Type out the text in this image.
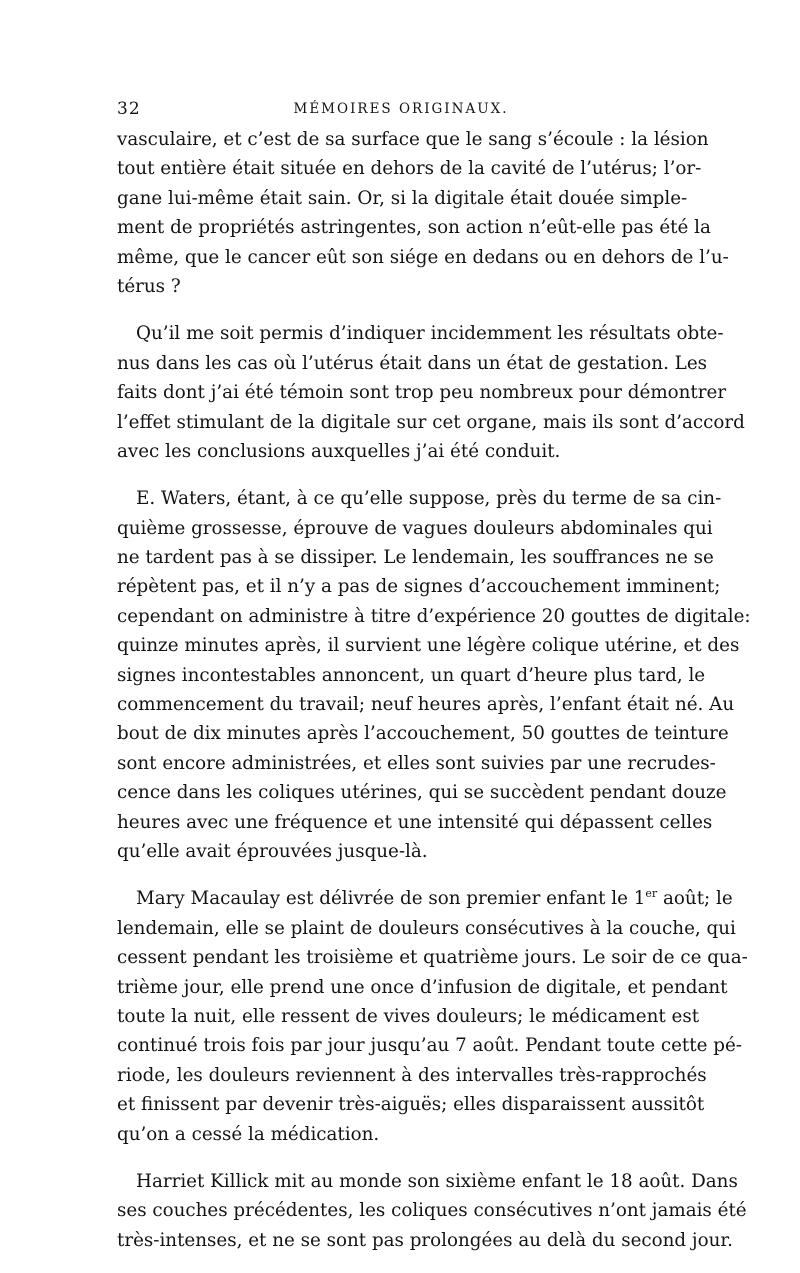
32	MÉMOIRES ORIGINAUX.

vasculaire, et c’est de sa surface que le sang s’écoule : la lésion
tout entière était située en dehors de la cavité de l’utérus; l’or-
gane lui-même était sain. Or, si la digitale était douée simple-
ment de propriétés astringentes, son action n’eût-elle pas été la
même, que le cancer eût son siége en dedans ou en dehors de l’u-
térus ?

Qu’il me soit permis d’indiquer incidemment les résultats obte-
nus dans les cas où l’utérus était dans un état de gestation. Les
faits dont j’ai été témoin sont trop peu nombreux pour démontrer
l’effet stimulant de la digitale sur cet organe, mais ils sont d’accord
avec les conclusions auxquelles j’ai été conduit.

E. Waters, étant, à ce qu’elle suppose, près du terme de sa cin-
quième grossesse, éprouve de vagues douleurs abdominales qui
ne tardent pas à se dissiper. Le lendemain, les souffrances ne se
répètent pas, et il n’y a pas de signes d’accouchement imminent;
cependant on administre à titre d’expérience 20 gouttes de digitale:
quinze minutes après, il survient une légère colique utérine, et des
signes incontestables annoncent, un quart d’heure plus tard, le
commencement du travail; neuf heures après, l’enfant était né. Au
bout de dix minutes après l’accouchement, 50 gouttes de teinture
sont encore administrées, et elles sont suivies par une recrudes-
cence dans les coliques utérines, qui se succèdent pendant douze
heures avec une fréquence et une intensité qui dépassent celles
qu’elle avait éprouvées jusque-là.

Mary Macaulay est délivrée de son premier enfant le 1er août; le
lendemain, elle se plaint de douleurs consécutives à la couche, qui
cessent pendant les troisième et quatrième jours. Le soir de ce qua-
trième jour, elle prend une once d’infusion de digitale, et pendant
toute la nuit, elle ressent de vives douleurs; le médicament est
continué trois fois par jour jusqu’au 7 août. Pendant toute cette pé-
riode, les douleurs reviennent à des intervalles très-rapprochés
et finissent par devenir très-aiguës; elles disparaissent aussitôt
qu’on a cessé la médication.

Harriet Killick mit au monde son sixième enfant le 18 août. Dans
ses couches précédentes, les coliques consécutives n’ont jamais été
très-intenses, et ne se sont pas prolongées au delà du second jour.
